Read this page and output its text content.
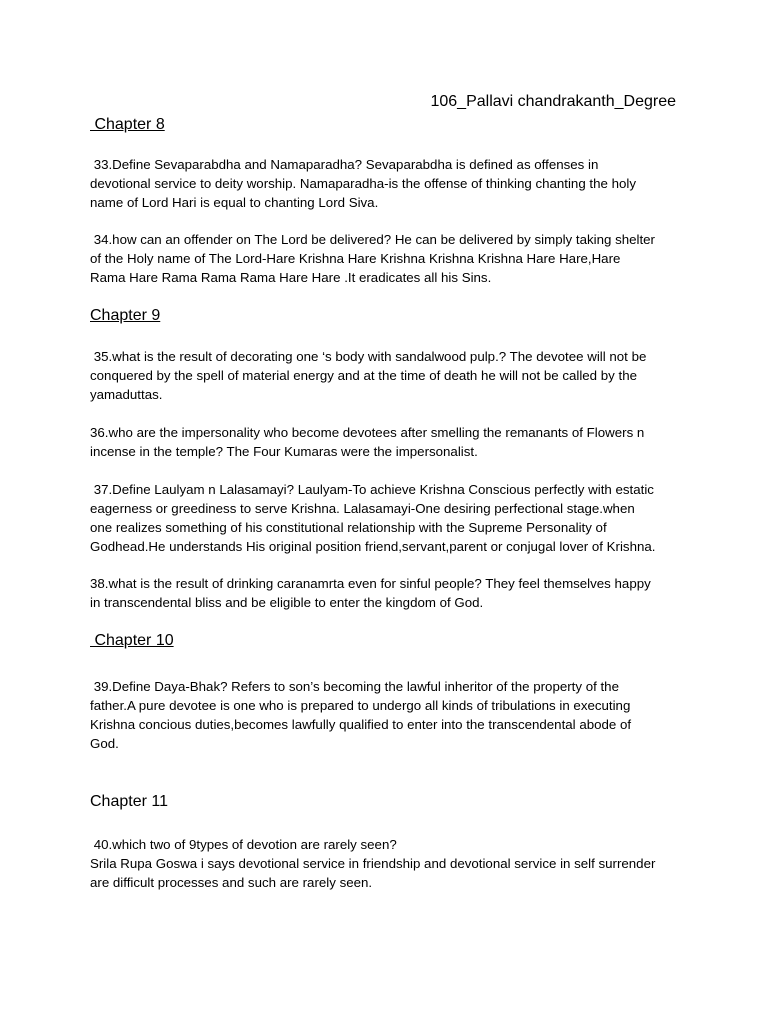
106_Pallavi chandrakanth_Degree
Chapter 8
33.Define Sevaparabdha and Namaparadha? Sevaparabdha is defined as offenses in
devotional service to deity worship. Namaparadha-is the offense of thinking chanting the holy
name of Lord Hari is equal to chanting Lord Siva.
34.how can an offender on The Lord be delivered? He can be delivered by simply taking shelter
of the Holy name of The Lord-Hare Krishna Hare Krishna Krishna Krishna Hare Hare,Hare
Rama Hare Rama Rama Rama Hare Hare .It eradicates all his Sins.
Chapter 9
35.what is the result of decorating one ‘s body with sandalwood pulp.? The devotee will not be
conquered by the spell of material energy and at the time of death he will not be called by the
yamaduttas.
36.who are the impersonality who become devotees after smelling the remanants of Flowers n
incense in the temple? The Four Kumaras were the impersonalist.
37.Define Laulyam n Lalasamayi? Laulyam-To achieve Krishna Conscious perfectly with estatic
eagerness or greediness to serve Krishna. Lalasamayi-One desiring perfectional stage.when
one realizes something of his constitutional relationship with the Supreme Personality of
Godhead.He understands His original position friend,servant,parent or conjugal lover of Krishna.
38.what is the result of drinking caranamrta even for sinful people? They feel themselves happy
in transcendental bliss and be eligible to enter the kingdom of God.
Chapter 10
39.Define Daya-Bhak? Refers to son’s becoming the lawful inheritor of the property of the
father.A pure devotee is one who is prepared to undergo all kinds of tribulations in executing
Krishna concious duties,becomes lawfully qualified to enter into the transcendental abode of
God.
Chapter 11
40.which two of 9types of devotion are rarely seen?
Srila Rupa Goswa i says devotional service in friendship and devotional service in self surrender
are difficult processes and such are rarely seen.
